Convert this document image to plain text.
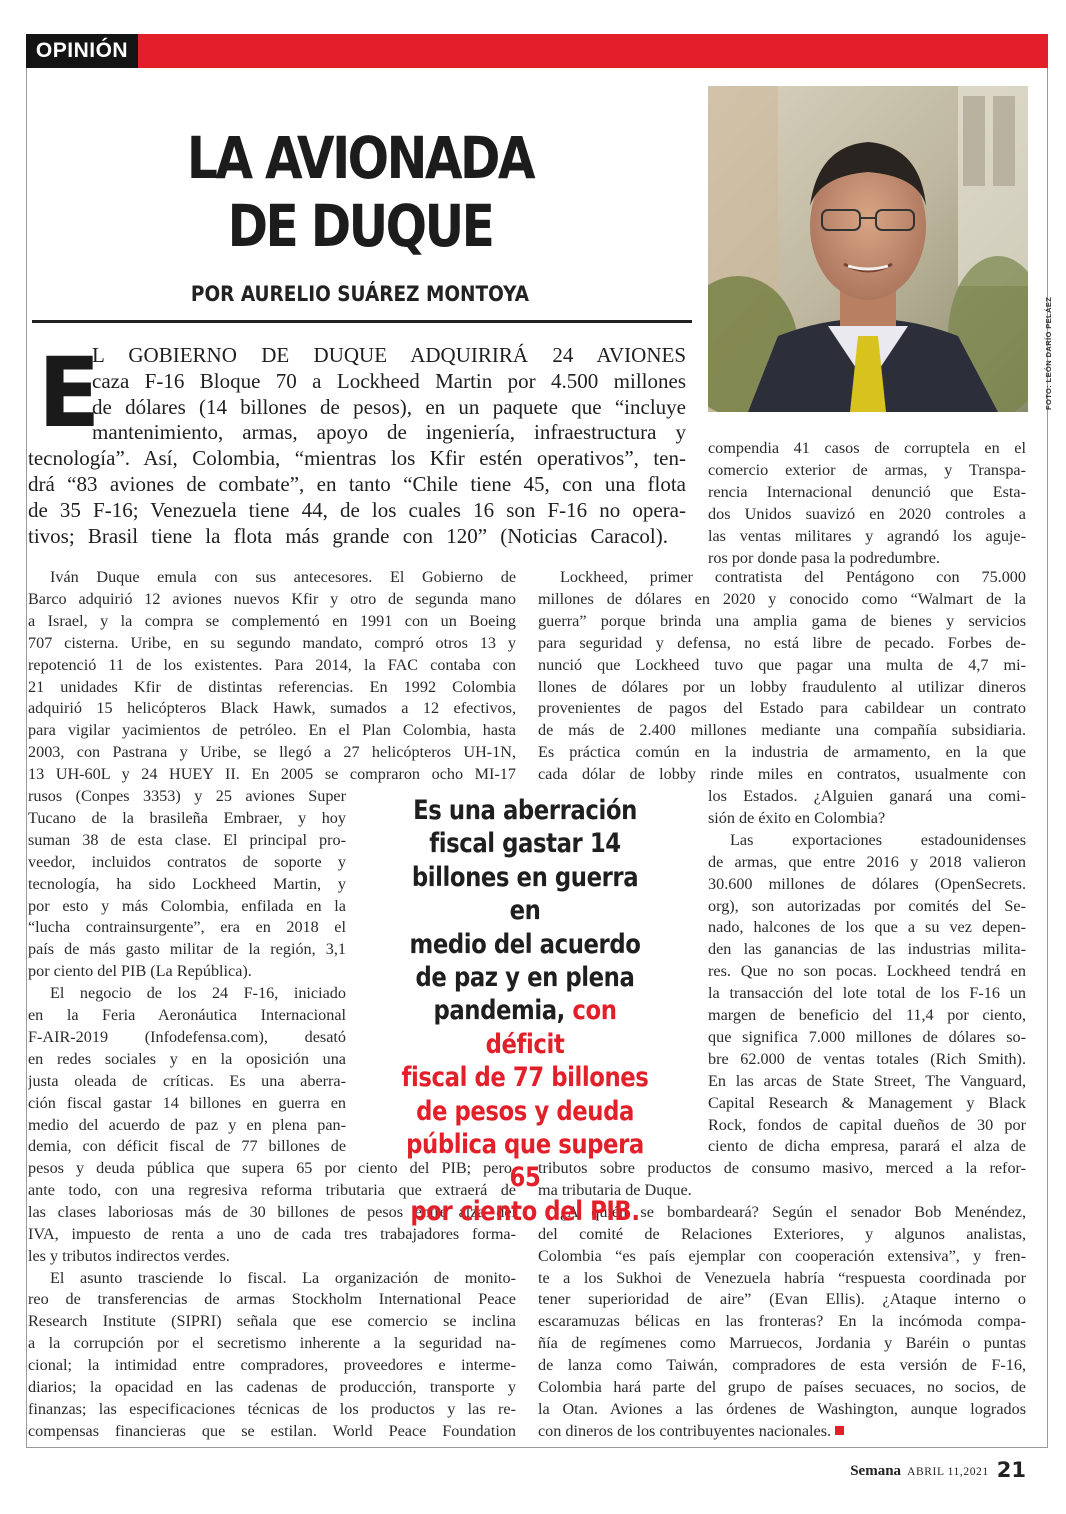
OPINIÓN
LA AVIONADA
DE DUQUE
POR AURELIO SUÁREZ MONTOYA
FOTO: LEÓN DARÍO PELÁEZ
E
L GOBIERNO DE DUQUE ADQUIRIRÁ 24 AVIONES
caza F-16 Bloque 70 a Lockheed Martin por 4.500 millones
de dólares (14 billones de pesos), en un paquete que “incluye
mantenimiento, armas, apoyo de ingeniería, infraestructura y
tecnología”. Así, Colombia, “mientras los Kfir estén operativos”, ten-
drá “83 aviones de combate”, en tanto “Chile tiene 45, con una flota
de 35 F-16; Venezuela tiene 44, de los cuales 16 son F-16 no opera-
tivos; Brasil tiene la flota más grande con 120” (Noticias Caracol).
Iván Duque emula con sus antecesores. El Gobierno de
Barco adquirió 12 aviones nuevos Kfir y otro de segunda mano
a Israel, y la compra se complementó en 1991 con un Boeing
707 cisterna. Uribe, en su segundo mandato, compró otros 13 y
repotenció 11 de los existentes. Para 2014, la FAC contaba con
21 unidades Kfir de distintas referencias. En 1992 Colombia
adquirió 15 helicópteros Black Hawk, sumados a 12 efectivos,
para vigilar yacimientos de petróleo. En el Plan Colombia, hasta
2003, con Pastrana y Uribe, se llegó a 27 helicópteros UH-1N,
13 UH-60L y 24 HUEY II. En 2005 se compraron ocho MI-17
rusos (Conpes 3353) y 25 aviones Super
Tucano de la brasileña Embraer, y hoy
suman 38 de esta clase. El principal pro-
veedor, incluidos contratos de soporte y
tecnología, ha sido Lockheed Martin, y
por esto y más Colombia, enfilada en la
“lucha contrainsurgente”, era en 2018 el
país de más gasto militar de la región, 3,1
por ciento del PIB (La República).
El negocio de los 24 F-16, iniciado
en la Feria Aeronáutica Internacional
F-AIR-2019 (Infodefensa.com), desató
en redes sociales y en la oposición una
justa oleada de críticas. Es una aberra-
ción fiscal gastar 14 billones en guerra en
medio del acuerdo de paz y en plena pan-
demia, con déficit fiscal de 77 billones de
pesos y deuda pública que supera 65 por ciento del PIB; pero,
ante todo, con una regresiva reforma tributaria que extraerá de
las clases laboriosas más de 30 billones de pesos entre alza del
IVA, impuesto de renta a uno de cada tres trabajadores forma-
les y tributos indirectos verdes.
El asunto trasciende lo fiscal. La organización de monito-
reo de transferencias de armas Stockholm International Peace
Research Institute (SIPRI) señala que ese comercio se inclina
a la corrupción por el secretismo inherente a la seguridad na-
cional; la intimidad entre compradores, proveedores e interme-
diarios; la opacidad en las cadenas de producción, transporte y
finanzas; las especificaciones técnicas de los productos y las re-
compensas financieras que se estilan. World Peace Foundation
compendia 41 casos de corruptela en el
comercio exterior de armas, y Transpa-
rencia Internacional denunció que Esta-
dos Unidos suavizó en 2020 controles a
las ventas militares y agrandó los aguje-
ros por donde pasa la podredumbre.
Lockheed, primer contratista del Pentágono con 75.000
millones de dólares en 2020 y conocido como “Walmart de la
guerra” porque brinda una amplia gama de bienes y servicios
para seguridad y defensa, no está libre de pecado. Forbes de-
nunció que Lockheed tuvo que pagar una multa de 4,7 mi-
llones de dólares por un lobby fraudulento al utilizar dineros
provenientes de pagos del Estado para cabildear un contrato
de más de 2.400 millones mediante una compañía subsidiaria.
Es práctica común en la industria de armamento, en la que
cada dólar de lobby rinde miles en contratos, usualmente con
los Estados. ¿Alguien ganará una comi-
sión de éxito en Colombia?
Las exportaciones estadounidenses
de armas, que entre 2016 y 2018 valieron
30.600 millones de dólares (OpenSecrets.
org), son autorizadas por comités del Se-
nado, halcones de los que a su vez depen-
den las ganancias de las industrias milita-
res. Que no son pocas. Lockheed tendrá en
la transacción del lote total de los F-16 un
margen de beneficio del 11,4 por ciento,
que significa 7.000 millones de dólares so-
bre 62.000 de ventas totales (Rich Smith).
En las arcas de State Street, The Vanguard,
Capital Research & Management y Black
Rock, fondos de capital dueños de 30 por
ciento de dicha empresa, parará el alza de
tributos sobre productos de consumo masivo, merced a la refor-
ma tributaria de Duque.
¿A quién se bombardeará? Según el senador Bob Menéndez,
del comité de Relaciones Exteriores, y algunos analistas,
Colombia “es país ejemplar con cooperación extensiva”, y fren-
te a los Sukhoi de Venezuela habría “respuesta coordinada por
tener superioridad de aire” (Evan Ellis). ¿Ataque interno o
escaramuzas bélicas en las fronteras? En la incómoda compa-
ñía de regímenes como Marruecos, Jordania y Baréin o puntas
de lanza como Taiwán, compradores de esta versión de F-16,
Colombia hará parte del grupo de países secuaces, no socios, de
la Otan. Aviones a las órdenes de Washington, aunque logrados
con dineros de los contribuyentes nacionales.
Es una aberración
fiscal gastar 14
billones en guerra en
medio del acuerdo
de paz y en plena
pandemia, con déficit
fiscal de 77 billones
de pesos y deuda
pública que supera 65
por ciento del PIB.
Semana ABRIL 11,2021 21
